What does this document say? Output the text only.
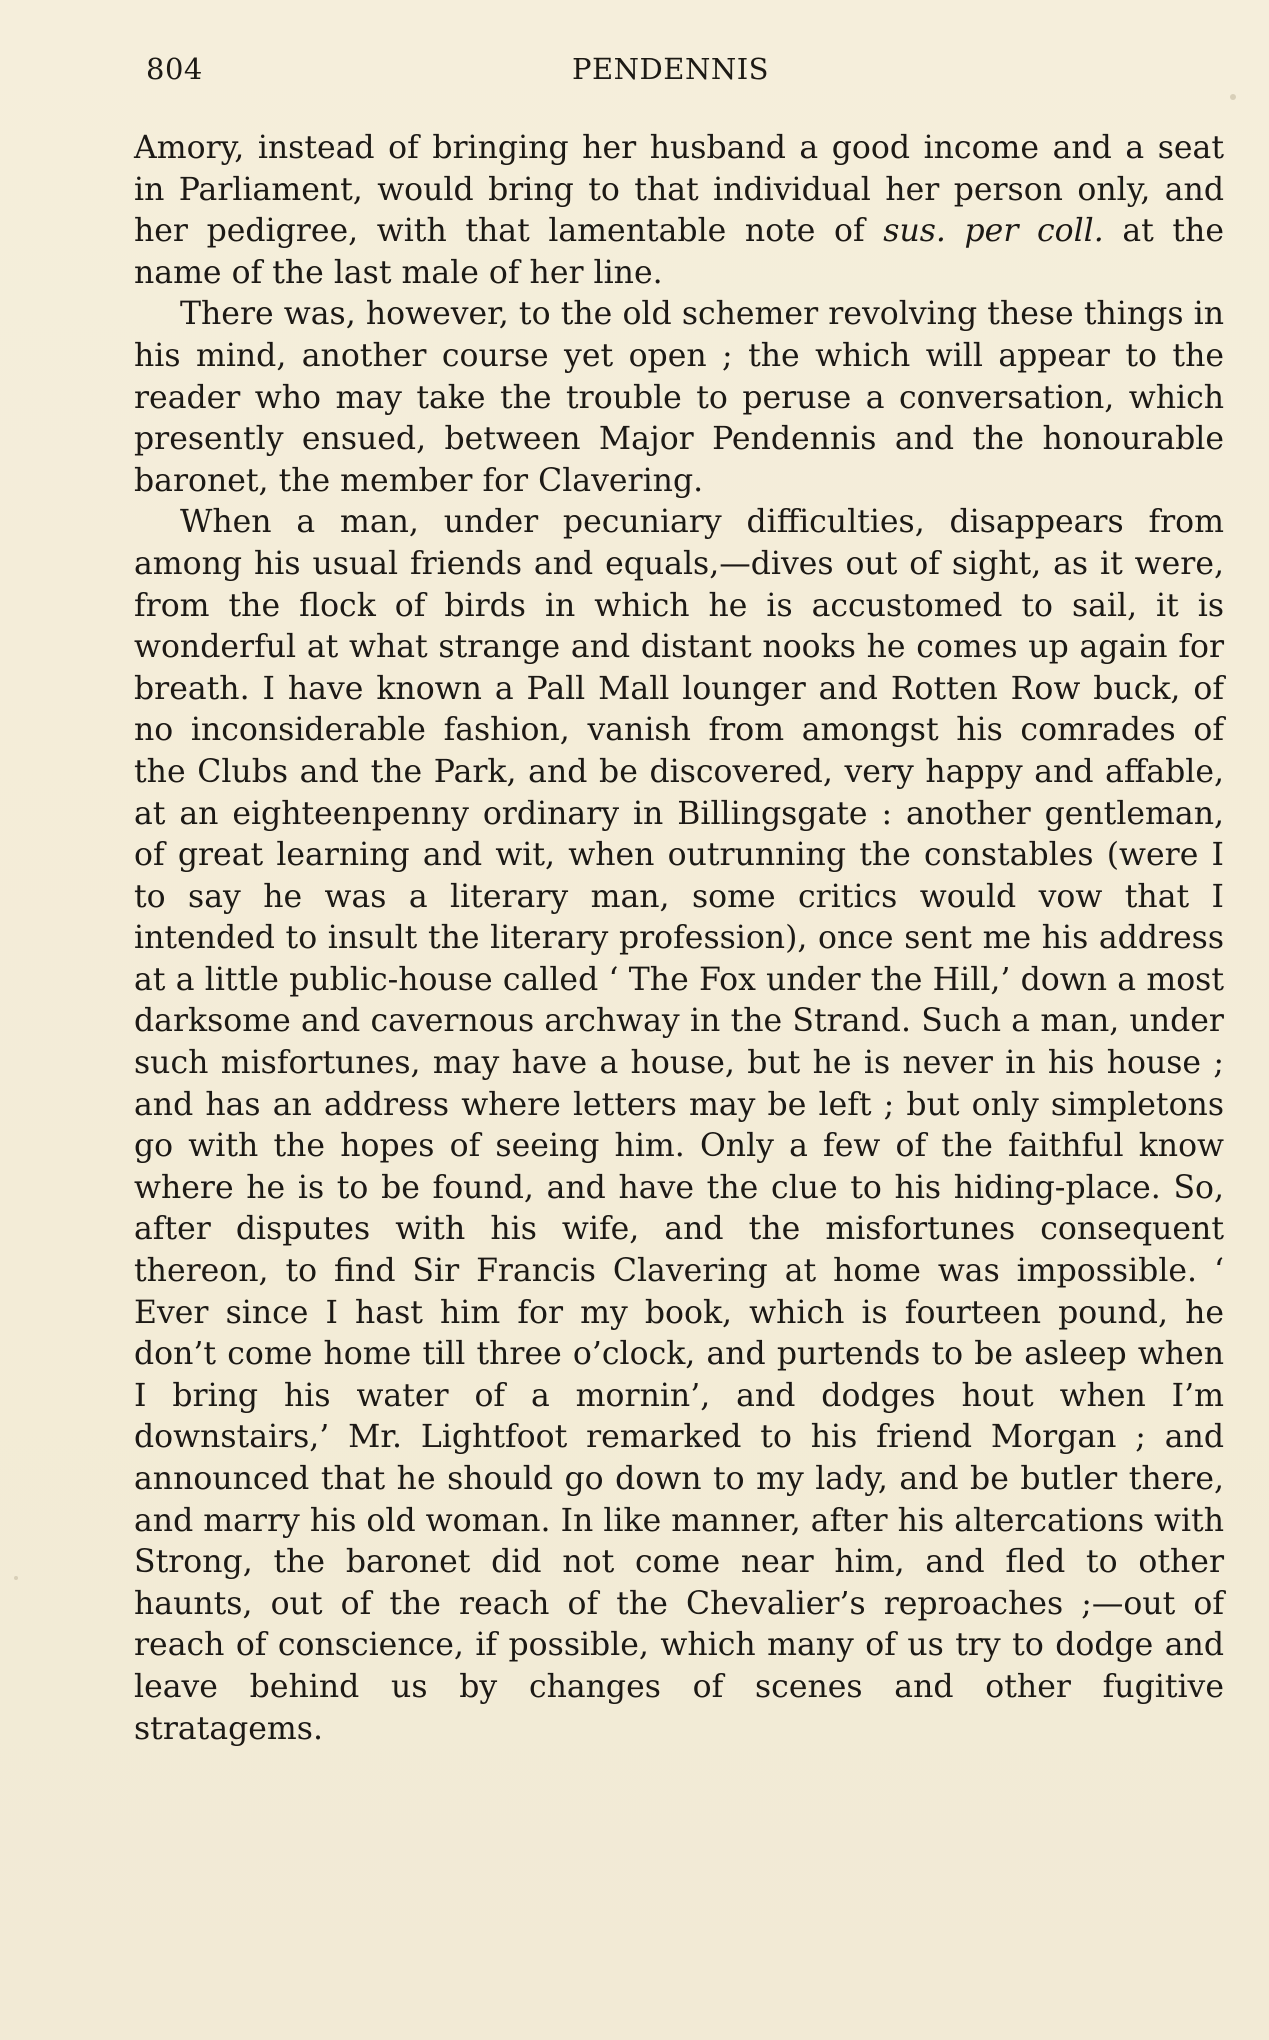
804	PENDENNIS

Amory, instead of bringing her husband a good income and a seat in Parliament, would bring to that individual her person only, and her pedigree, with that lamentable note of sus. per coll. at the name of the last male of her line.

There was, however, to the old schemer revolving these things in his mind, another course yet open ; the which will appear to the reader who may take the trouble to peruse a conversation, which presently ensued, between Major Pendennis and the honourable baronet, the member for Clavering.

When a man, under pecuniary difficulties, disappears from among his usual friends and equals,—dives out of sight, as it were, from the flock of birds in which he is accustomed to sail, it is wonderful at what strange and distant nooks he comes up again for breath. I have known a Pall Mall lounger and Rotten Row buck, of no inconsiderable fashion, vanish from amongst his comrades of the Clubs and the Park, and be discovered, very happy and affable, at an eighteenpenny ordinary in Billingsgate : another gentleman, of great learning and wit, when outrunning the constables (were I to say he was a literary man, some critics would vow that I intended to insult the literary profession), once sent me his address at a little public-house called ‘ The Fox under the Hill,’ down a most darksome and cavernous archway in the Strand. Such a man, under such misfortunes, may have a house, but he is never in his house ; and has an address where letters may be left ; but only simpletons go with the hopes of seeing him. Only a few of the faithful know where he is to be found, and have the clue to his hiding-place. So, after disputes with his wife, and the misfortunes consequent thereon, to find Sir Francis Clavering at home was impossible. ‘ Ever since I hast him for my book, which is fourteen pound, he don’t come home till three o’clock, and purtends to be asleep when I bring his water of a mornin’, and dodges hout when I’m downstairs,’ Mr. Lightfoot remarked to his friend Morgan ; and announced that he should go down to my lady, and be butler there, and marry his old woman. In like manner, after his altercations with Strong, the baronet did not come near him, and fled to other haunts, out of the reach of the Chevalier’s reproaches ;—out of reach of conscience, if possible, which many of us try to dodge and leave behind us by changes of scenes and other fugitive stratagems.
